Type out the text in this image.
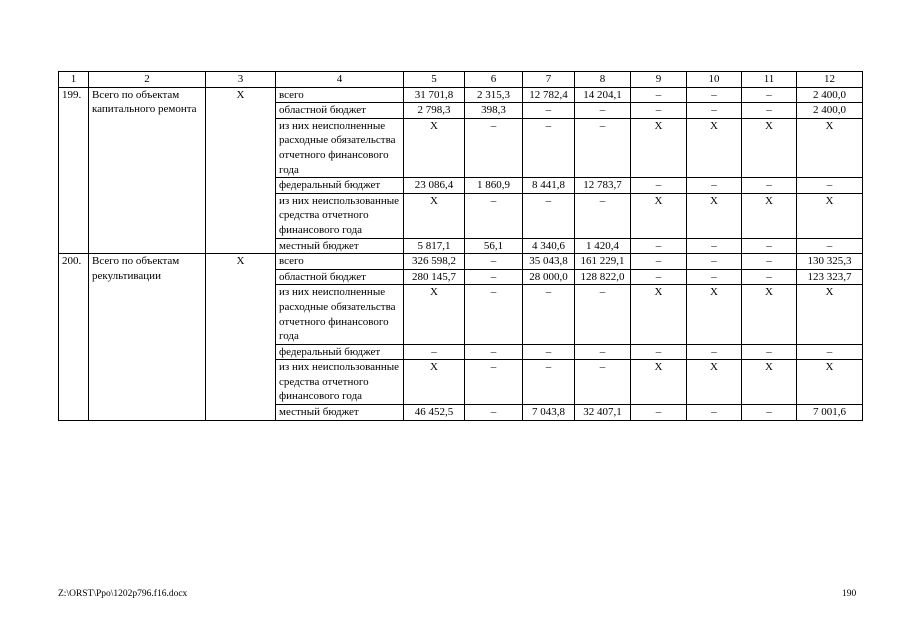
1	2	3	4	5	6	7	8	9	10	11	12
199.	Всего по объектам капитального ремонта	Х	всего	31 701,8	2 315,3	12 782,4	14 204,1	–	–	–	2 400,0
			областной бюджет	2 798,3	398,3	–	–	–	–	–	2 400,0
			из них неисполненные расходные обязательства отчетного финансового года	Х	–	–	–	Х	Х	Х	Х
			федеральный бюджет	23 086,4	1 860,9	8 441,8	12 783,7	–	–	–	–
			из них неиспользованные средства отчетного финансового года	Х	–	–	–	Х	Х	Х	Х
			местный бюджет	5 817,1	56,1	4 340,6	1 420,4	–	–	–	–
200.	Всего по объектам рекультивации	Х	всего	326 598,2	–	35 043,8	161 229,1	–	–	–	130 325,3
			областной бюджет	280 145,7	–	28 000,0	128 822,0	–	–	–	123 323,7
			из них неисполненные расходные обязательства отчетного финансового года	Х	–	–	–	Х	Х	Х	Х
			федеральный бюджет	–	–	–	–	–	–	–	–
			из них неиспользованные средства отчетного финансового года	Х	–	–	–	Х	Х	Х	Х
			местный бюджет	46 452,5	–	7 043,8	32 407,1	–	–	–	7 001,6
Z:\ORST\Ppo\1202p796.f16.docx	190
